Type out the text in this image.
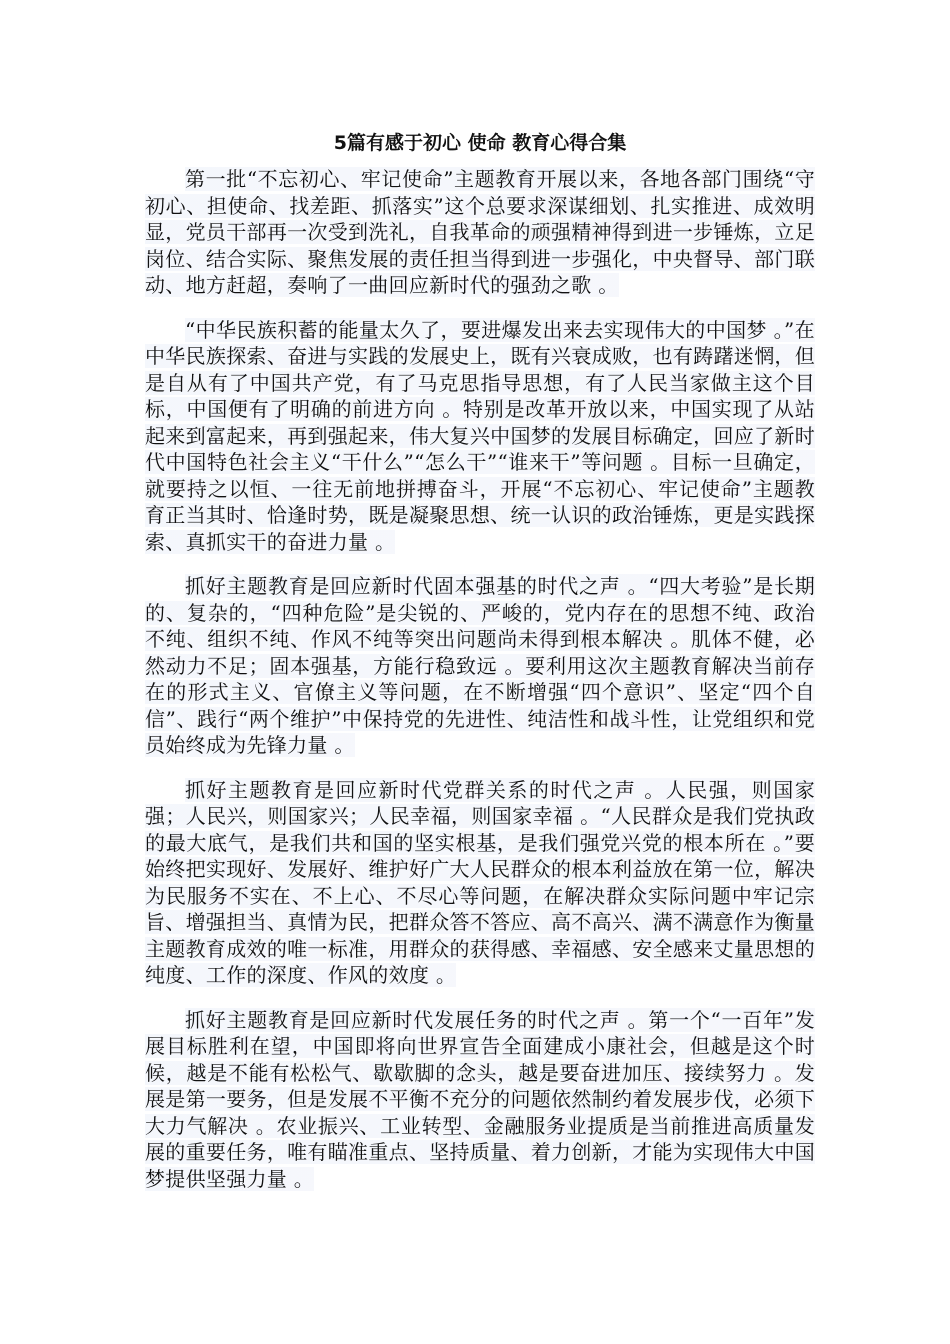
5篇有感于初心 使命 教育心得合集

第一批“不忘初心、牢记使命”主题教育开展以来，各地各部门围绕“守初心、担使命、找差距、抓落实”这个总要求深谋细划、扎实推进、成效明显，党员干部再一次受到洗礼，自我革命的顽强精神得到进一步锤炼，立足岗位、结合实际、聚焦发展的责任担当得到进一步强化，中央督导、部门联动、地方赶超，奏响了一曲回应新时代的强劲之歌 。

“中华民族积蓄的能量太久了，要进爆发出来去实现伟大的中国梦 。”在中华民族探索、奋进与实践的发展史上，既有兴衰成败，也有踌躇迷惘，但是自从有了中国共产党，有了马克思指导思想，有了人民当家做主这个目标，中国便有了明确的前进方向 。特别是改革开放以来，中国实现了从站起来到富起来，再到强起来，伟大复兴中国梦的发展目标确定，回应了新时代中国特色社会主义“干什么”“怎么干”“谁来干”等问题 。目标一旦确定，就要持之以恒、一往无前地拼搏奋斗，开展“不忘初心、牢记使命”主题教育正当其时、恰逢时势，既是凝聚思想、统一认识的政治锤炼，更是实践探索、真抓实干的奋进力量 。

抓好主题教育是回应新时代固本强基的时代之声 。“四大考验”是长期的、复杂的，“四种危险”是尖锐的、严峻的，党内存在的思想不纯、政治不纯、组织不纯、作风不纯等突出问题尚未得到根本解决 。肌体不健，必然动力不足；固本强基，方能行稳致远 。要利用这次主题教育解决当前存在的形式主义、官僚主义等问题，在不断增强“四个意识”、坚定“四个自信”、践行“两个维护”中保持党的先进性、纯洁性和战斗性，让党组织和党员始终成为先锋力量 。

抓好主题教育是回应新时代党群关系的时代之声 。人民强，则国家强；人民兴，则国家兴；人民幸福，则国家幸福 。“人民群众是我们党执政的最大底气，是我们共和国的坚实根基，是我们强党兴党的根本所在 。”要始终把实现好、发展好、维护好广大人民群众的根本利益放在第一位，解决为民服务不实在、不上心、不尽心等问题，在解决群众实际问题中牢记宗旨、增强担当、真情为民，把群众答不答应、高不高兴、满不满意作为衡量主题教育成效的唯一标准，用群众的获得感、幸福感、安全感来丈量思想的纯度、工作的深度、作风的效度 。

抓好主题教育是回应新时代发展任务的时代之声 。第一个“一百年”发展目标胜利在望，中国即将向世界宣告全面建成小康社会，但越是这个时候，越是不能有松松气、歇歇脚的念头，越是要奋进加压、接续努力 。发展是第一要务，但是发展不平衡不充分的问题依然制约着发展步伐，必须下大力气解决 。农业振兴、工业转型、金融服务业提质是当前推进高质量发展的重要任务，唯有瞄准重点、坚持质量、着力创新，才能为实现伟大中国梦提供坚强力量 。
